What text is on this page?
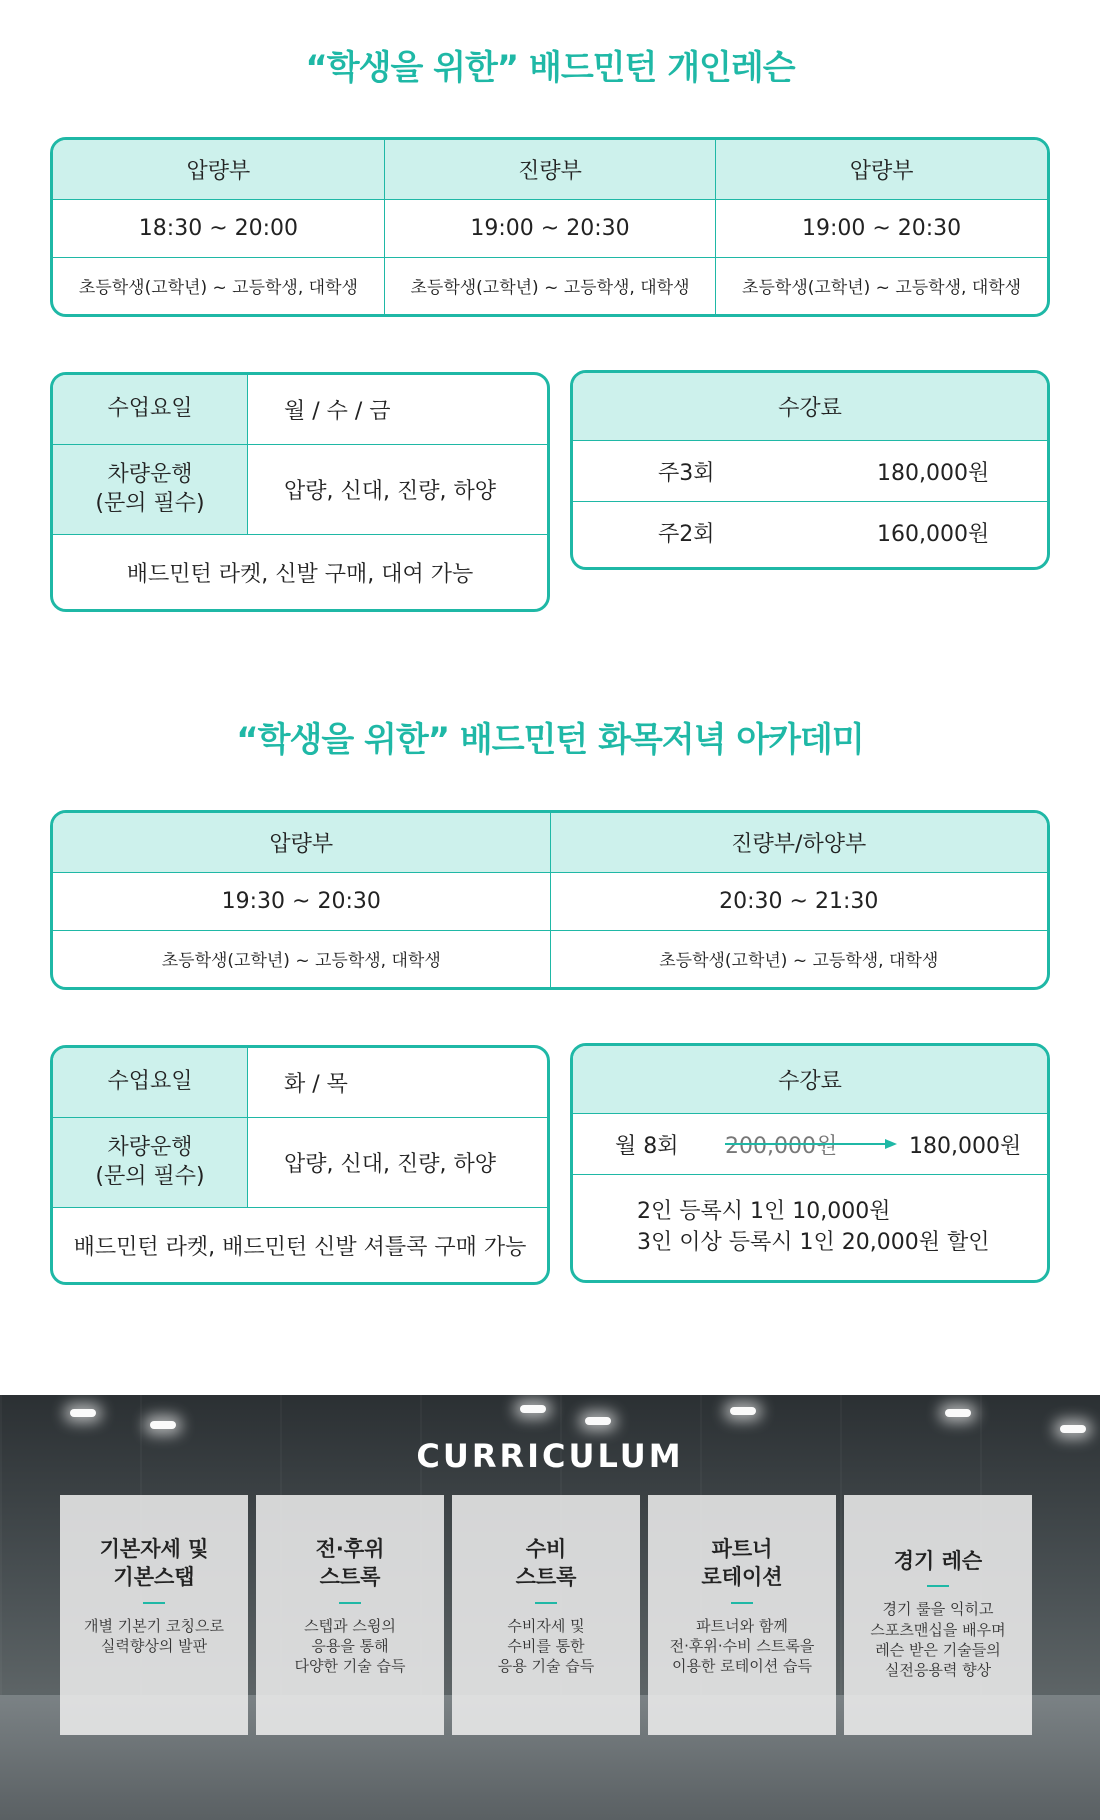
“학생을 위한” 배드민턴 개인레슨
압량부	진량부	압량부
18:30 ~ 20:00	19:00 ~ 20:30	19:00 ~ 20:30
초등학생(고학년) ~ 고등학생, 대학생	초등학생(고학년) ~ 고등학생, 대학생	초등학생(고학년) ~ 고등학생, 대학생
수업요일	월 / 수 / 금
차량운행
(문의 필수)	압량, 신대, 진량, 하양
배드민턴 라켓, 신발 구매, 대여 가능
수강료
주3회	180,000원
주2회	160,000원
“학생을 위한” 배드민턴 화목저녁 아카데미
압량부	진량부/하양부
19:30 ~ 20:30	20:30 ~ 21:30
초등학생(고학년) ~ 고등학생, 대학생	초등학생(고학년) ~ 고등학생, 대학생
수업요일	화 / 목
차량운행
(문의 필수)	압량, 신대, 진량, 하양
배드민턴 라켓, 배드민턴 신발 셔틀콕 구매 가능
수강료
월 8회 200,000원	180,000원
2인 등록시 1인 10,000원
3인 이상 등록시 1인 20,000원 할인
CURRICULUM
기본자세 및
기본스탭
개별 기본기 코칭으로
실력향상의 발판
전·후위
스트록
스텝과 스윙의
응용을 통해
다양한 기술 습득
수비
스트록
수비자세 및
수비를 통한
응용 기술 습득
파트너
로테이션
파트너와 함께
전·후위·수비 스트록을
이용한 로테이션 습득
경기 레슨
경기 룰을 익히고
스포츠맨십을 배우며
레슨 받은 기술들의
실전응용력 향상
